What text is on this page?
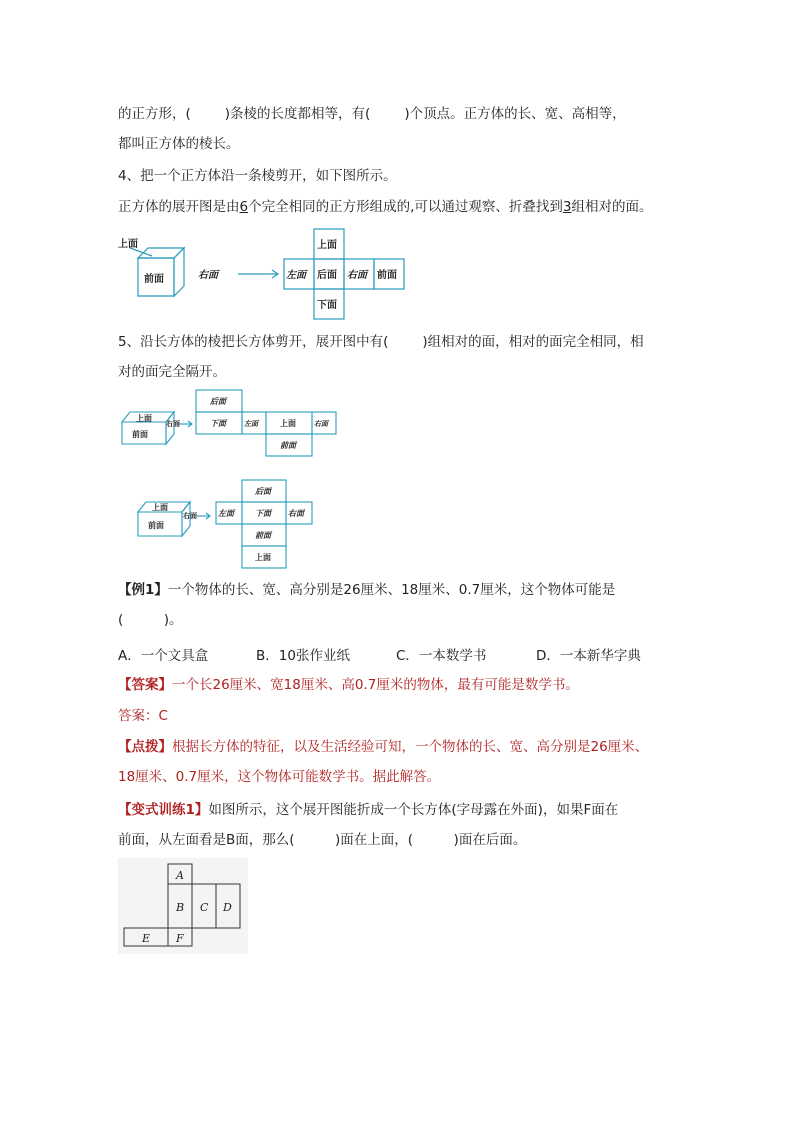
的正方形，(	)条棱的长度都相等，有(	)个顶点。正方体的长、宽、高相等，
都叫正方体的棱长。
4、把一个正方体沿一条棱剪开，如下图所示。
正方体的展开图是由6个完全相同的正方形组成的,可以通过观察、折叠找到3组相对的面。
上面
前面	右面
上面
左面 后面 右面 前面
下面
5、沿长方体的棱把长方体剪开，展开图中有(	)组相对的面，相对的面完全相同，相
对的面完全隔开。
上面
前面
右面
后面
下面	左面	上面	右面
前面
上面
前面
右面
后面
左面	下面 右面
前面
上面
【例1】一个物体的长、宽、高分别是26厘米、18厘米、0.7厘米，这个物体可能是
(　　　)。
A．一个文具盒	B．10张作业纸	C．一本数学书	D．一本新华字典
【答案】一个长26厘米、宽18厘米、高0.7厘米的物体，最有可能是数学书。
答案：C
【点拨】根据长方体的特征，以及生活经验可知，一个物体的长、宽、高分别是26厘米、
18厘米、0.7厘米，这个物体可能数学书。据此解答。
【变式训练1】如图所示，这个展开图能折成一个长方体(字母露在外面)，如果F面在
前面，从左面看是B面，那么(　　　)面在上面，(　　　)面在后面。
A
B C D
E F
